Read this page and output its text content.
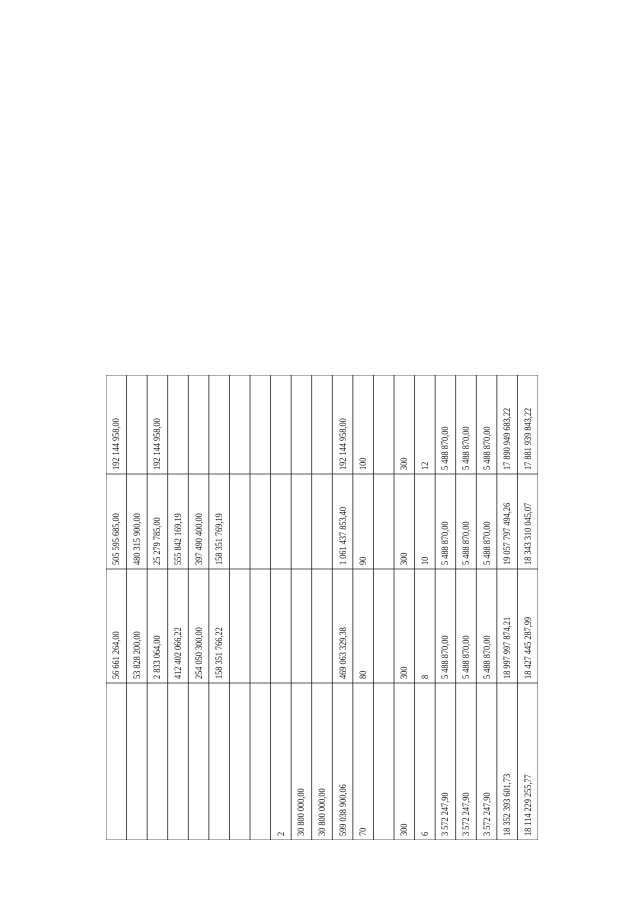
56 661 264,00
505 595 685,00
192 144 958,00
53 828 200,00
480 315 900,00
2 833 064,00
25 279 785,00
192 144 958,00
412 402 066,22
555 842 169,19
254 050 300,00
397 490 400,00
158 351 766,22
158 351 769,19
2 30 800 000,00 30 800 000,00 599 038 900,06
469 063 329,38
1 061 437 853,40
192 144 958,00
70
80
90
100
300
300
300
300
6
8
10
12
3 572 247,90
5 488 870,00
5 488 870,00
5 488 870,00
3 572 247,90
5 488 870,00
5 488 870,00
5 488 870,00
3 572 247,90
5 488 870,00
5 488 870,00
5 488 870,00
18 352 393 601,73
18 997 997 874,21
19 057 797 494,26
17 890 949 683,22
18 114 229 255,77
18 427 445 287,99
18 343 310 045,07
17 881 939 843,22
